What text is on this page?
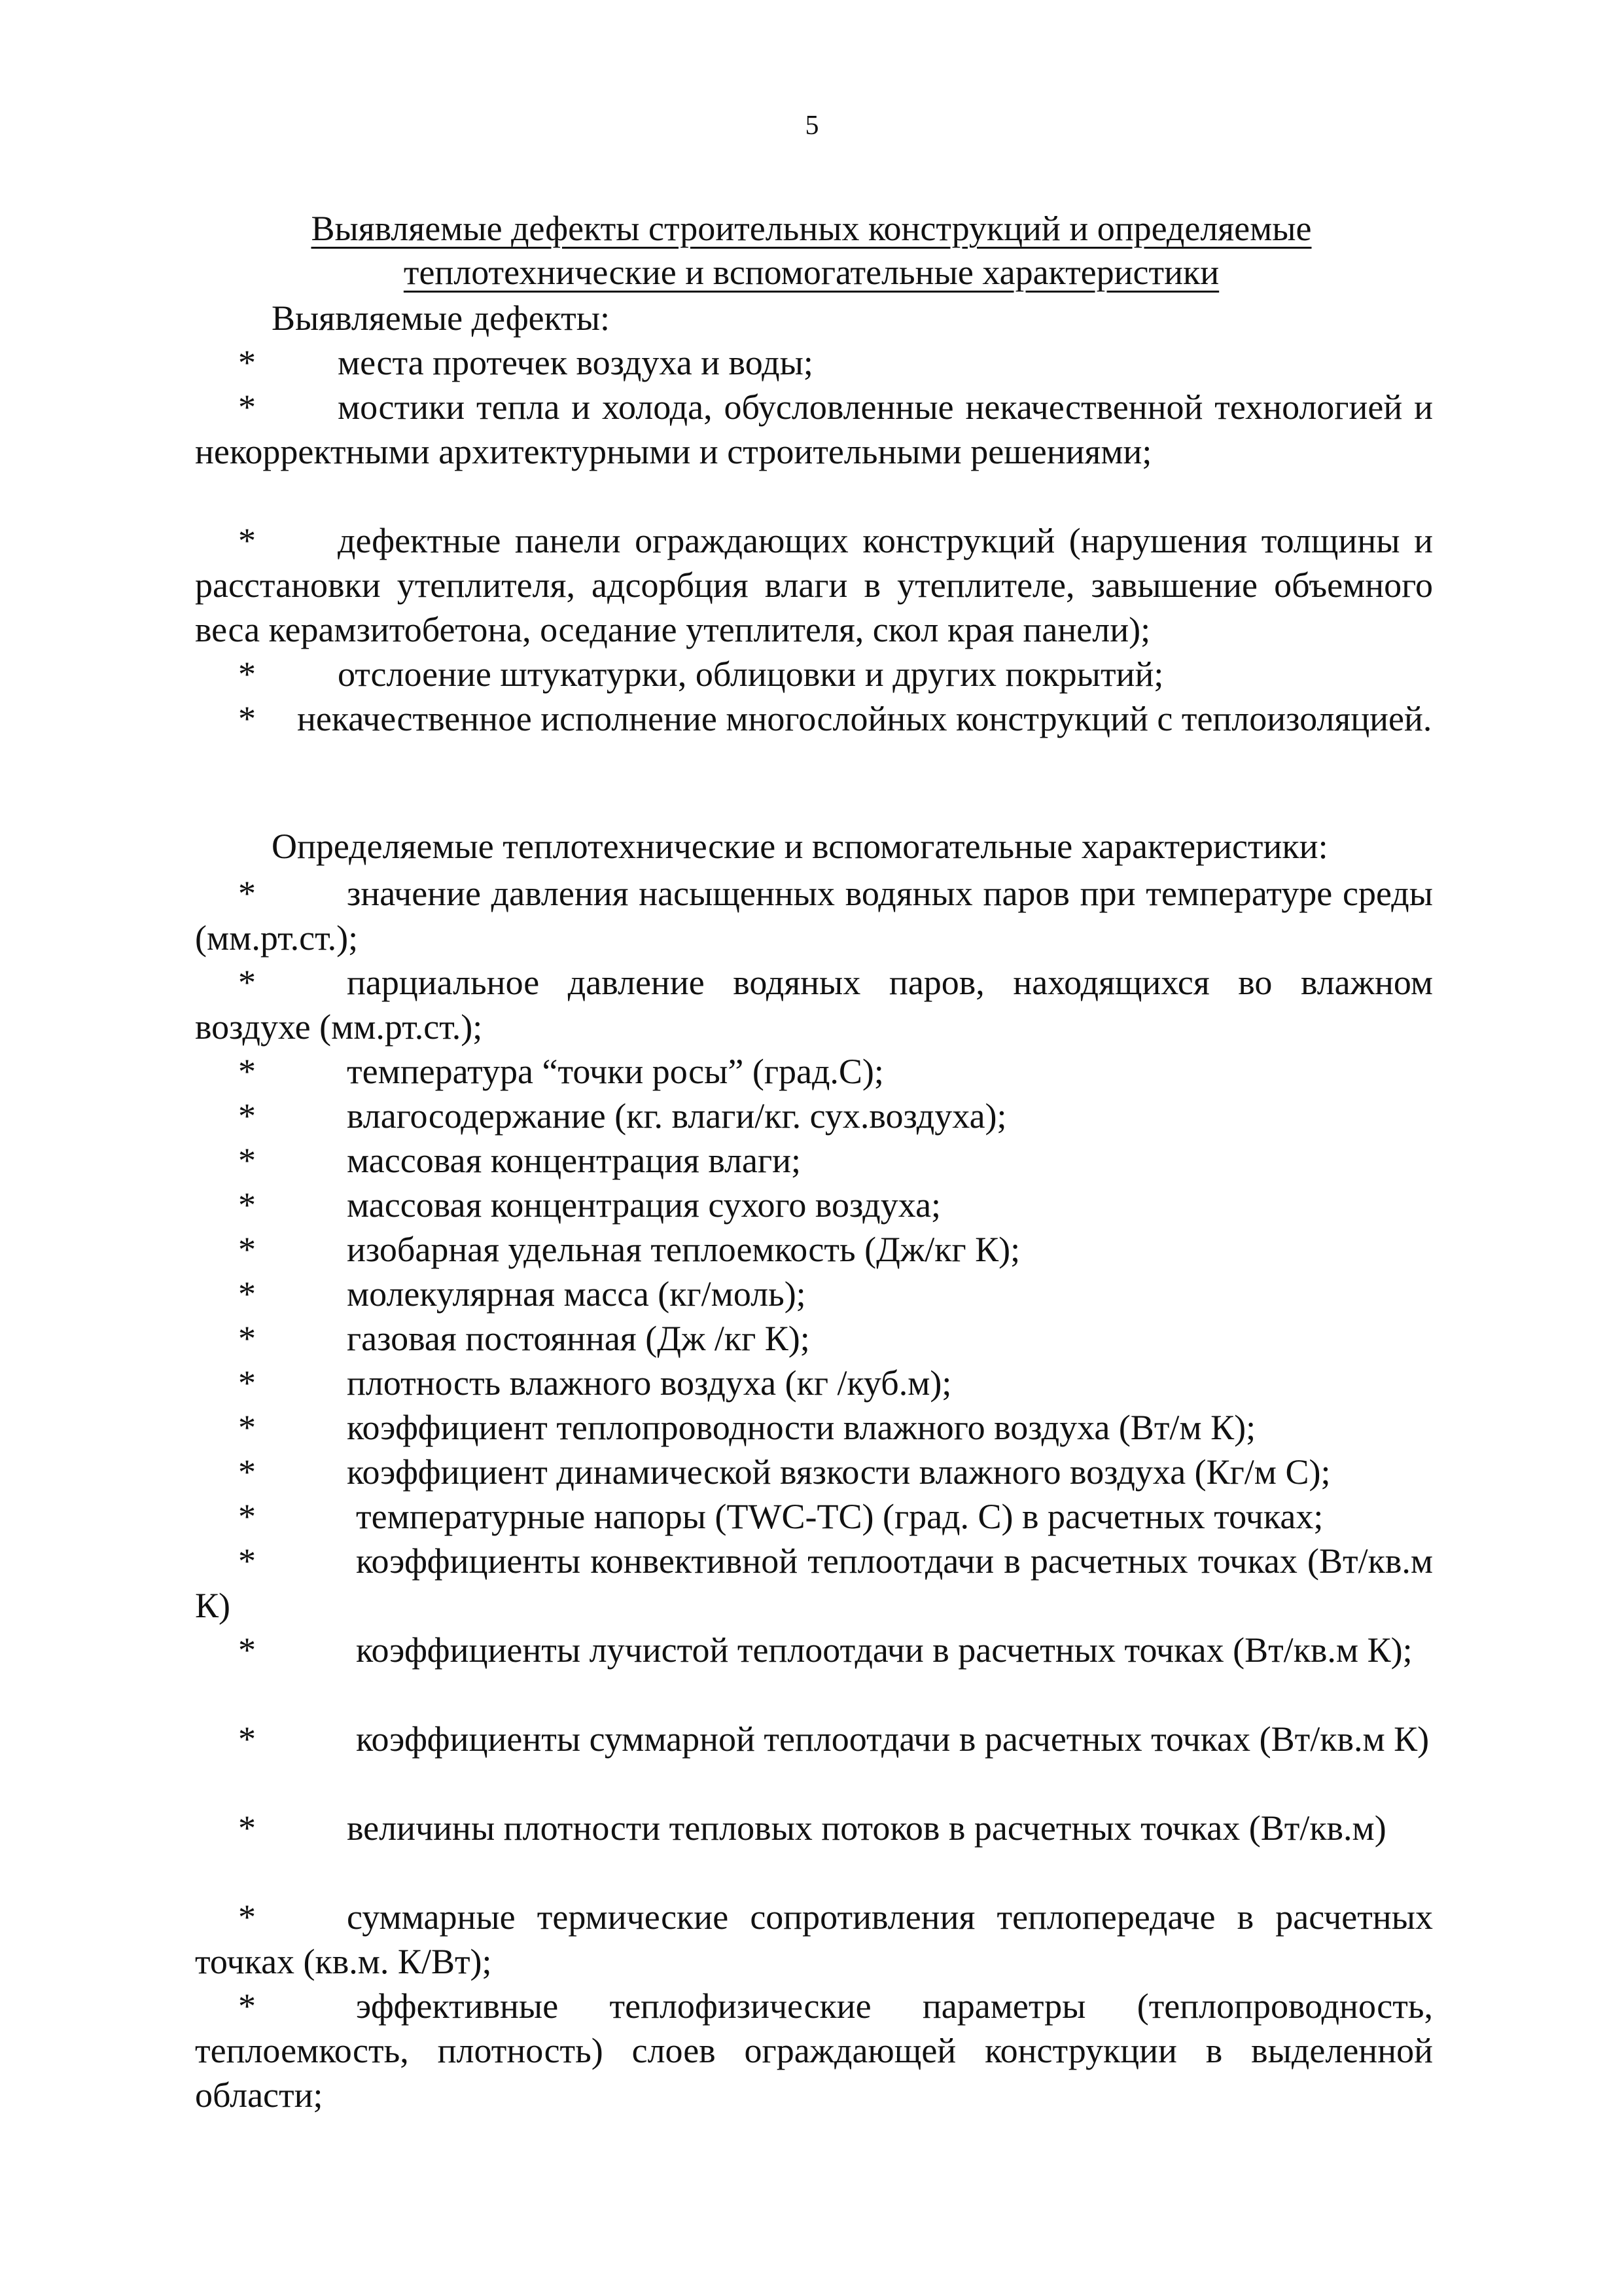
5
Выявляемые дефекты строительных конструкций и определяемые
теплотехнические и вспомогательные характеристики
Выявляемые дефекты:
* места протечек воздуха и воды;
* мостики тепла и холода, обусловленные некачественной технологией и некорректными архитектурными и строительными решениями;
* дефектные панели ограждающих конструкций (нарушения толщины и расстановки утеплителя, адсорбция влаги в утеплителе, завышение объемного веса керамзитобетона, оседание утеплителя, скол края панели);
* отслоение штукатурки, облицовки и других покрытий;
* некачественное исполнение многослойных конструкций с теплоизоляцией.
Определяемые теплотехнические и вспомогательные характеристики:
*	значение давления насыщенных водяных паров при температуре среды (мм.рт.ст.);
*	парциальное давление водяных паров, находящихся во влажном воздухе (мм.рт.ст.);
*	температура “точки росы” (град.С);
*	влагосодержание (кг. влаги/кг. сух.воздуха);
*	массовая концентрация влаги;
*	массовая концентрация сухого воздуха;
*	изобарная удельная теплоемкость (Дж/кг К);
*	молекулярная масса (кг/моль);
*	газовая постоянная (Дж /кг К);
*	плотность влажного воздуха (кг /куб.м);
*	коэффициент теплопроводности влажного воздуха (Вт/м К);
*	коэффициент динамической вязкости влажного воздуха (Кг/м С);
*	температурные напоры (TWC-TC) (град. С) в расчетных точках;
*	коэффициенты конвективной теплоотдачи в расчетных точках (Вт/кв.м К)
*	коэффициенты лучистой теплоотдачи в расчетных точках (Вт/кв.м К);
*	коэффициенты суммарной теплоотдачи в расчетных точках (Вт/кв.м К)
*	величины плотности тепловых потоков в расчетных точках (Вт/кв.м)
*	суммарные термические сопротивления теплопередаче в расчетных точках (кв.м. К/Вт);
*	эффективные теплофизические параметры (теплопроводность, теплоемкость, плотность) слоев ограждающей конструкции в выделенной области;
